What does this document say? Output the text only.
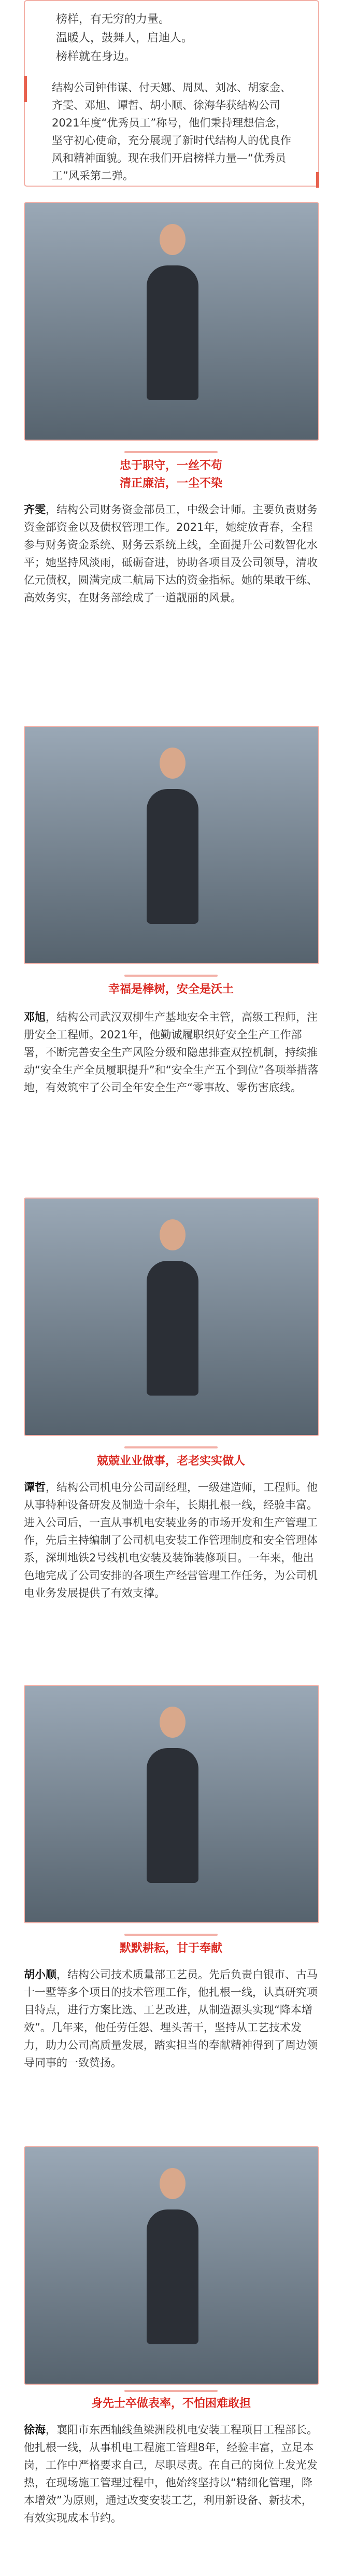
榜样，有无穷的力量。
温暖人，鼓舞人，启迪人。
榜样就在身边。
结构公司钟伟谋、付天娜、周凤、刘冰、胡家金、齐雯、邓旭、谭哲、胡小顺、徐海华获结构公司2021年度“优秀员工”称号，他们秉持理想信念，坚守初心使命，充分展现了新时代结构人的优良作风和精神面貌。现在我们开启榜样力量—“优秀员工”风采第二弹。
忠于职守，一丝不苟
清正廉洁，一尘不染
齐雯，结构公司财务资金部员工，中级会计师。主要负责财务资金部资金以及债权管理工作。2021年，她绽放青春，全程参与财务资金系统、财务云系统上线，全面提升公司数智化水平；她坚持风淡雨，砥砺奋进，协助各项目及公司领导，清收亿元债权，圆满完成二航局下达的资金指标。她的果敢干练、高效务实，在财务部绘成了一道靓丽的风景。
幸福是棒树，安全是沃土
邓旭，结构公司武汉双柳生产基地安全主管，高级工程师，注册安全工程师。2021年，他勤诚履职织好安全生产工作部署，不断完善安全生产风险分级和隐患排查双控机制，持续推动“安全生产全员履职提升”和“安全生产五个到位”各项举措落地，有效筑牢了公司全年安全生产“零事故、零伤害底线。
兢兢业业做事，老老实实做人
谭哲，结构公司机电分公司副经理，一级建造师，工程师。他从事特种设备研发及制造十余年，长期扎根一线，经验丰富。进入公司后，一直从事机电安装业务的市场开发和生产管理工作，先后主持编制了公司机电安装工作管理制度和安全管理体系，深圳地铁2号线机电安装及装饰装修项目。一年来，他出色地完成了公司安排的各项生产经营管理工作任务，为公司机电业务发展提供了有效支撑。
默默耕耘，甘于奉献
胡小顺，结构公司技术质量部工艺员。先后负责白银市、古马十一墅等多个项目的技术管理工作，他扎根一线，认真研究项目特点，进行方案比选、工艺改进，从制造源头实现“降本增效”。几年来，他任劳任怨、埋头苦干，坚持从工艺技术发力，助力公司高质量发展，踏实担当的奉献精神得到了周边领导同事的一致赞扬。
身先士卒做表率，不怕困难敢担
徐海，襄阳市东西轴线鱼梁洲段机电安装工程项目工程部长。他扎根一线，从事机电工程施工管理8年，经验丰富，立足本岗，工作中严格要求自己，尽职尽责。在自己的岗位上发光发热，在现场施工管理过程中，他始终坚持以“精细化管理，降本增效”为原则，通过改变安装工艺，利用新设备、新技术，有效实现成本节约。
